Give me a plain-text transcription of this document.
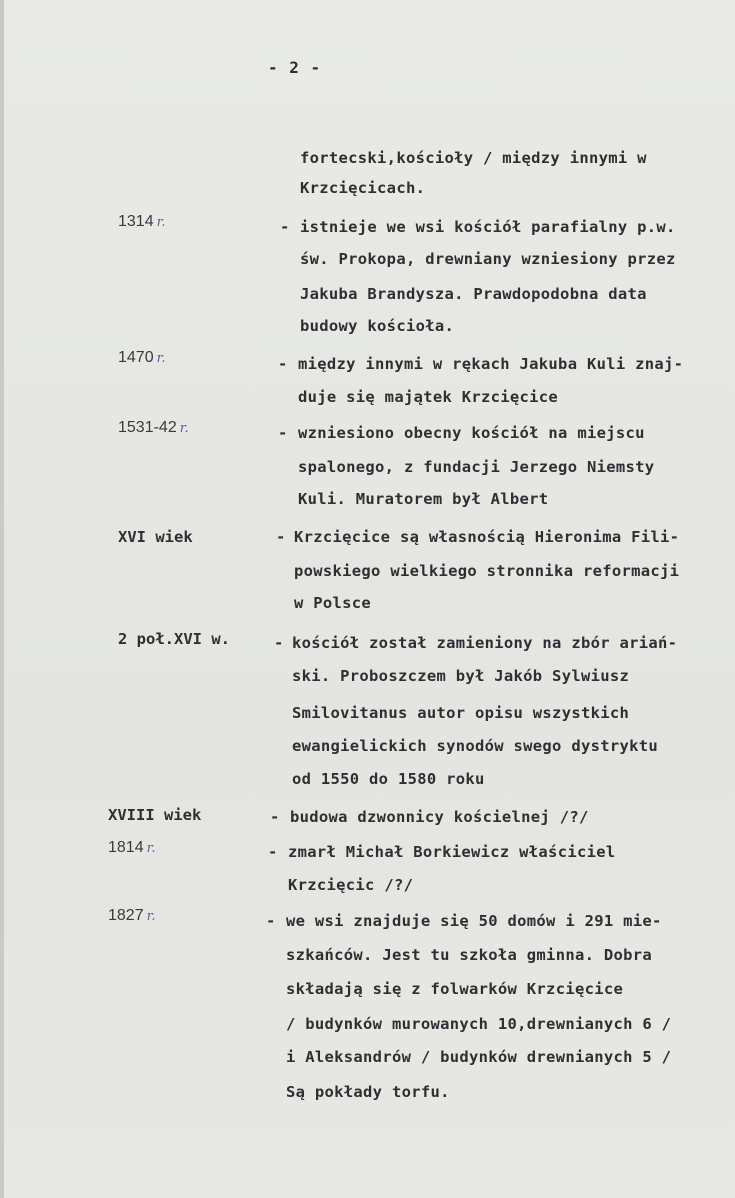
- 2 -
fortecski,kościoły / między innymi w
Krzcięcicach.
1314 r.	- istnieje we wsi kościół parafialny p.w.
św. Prokopa, drewniany wzniesiony przez
Jakuba Brandysza. Prawdopodobna data
budowy kościoła.
1470 r.	- między innymi w rękach Jakuba Kuli znaj-
duje się majątek Krzcięcice
1531-42 r.	- wzniesiono obecny kościół na miejscu
spalonego, z fundacji Jerzego Niemsty
Kuli. Muratorem był Albert
XVI wiek	- Krzcięcice są własnością Hieronima Fili-
powskiego wielkiego stronnika reformacji
w Polsce
2 poł.XVI w.	- kościół został zamieniony na zbór ariań-
ski. Proboszczem był Jakób Sylwiusz
Smilovitanus autor opisu wszystkich
ewangielickich synodów swego dystryktu
od 1550 do 1580 roku
XVIII wiek	- budowa dzwonnicy kościelnej /?/
1814 r.	- zmarł Michał Borkiewicz właściciel
Krzcięcic /?/
1827 r.	- we wsi znajduje się 50 domów i 291 mie-
szkańców. Jest tu szkoła gminna. Dobra
składają się z folwarków Krzcięcice
/ budynków murowanych 10,drewnianych 6 /
i Aleksandrów / budynków drewnianych 5 /
Są pokłady torfu.
